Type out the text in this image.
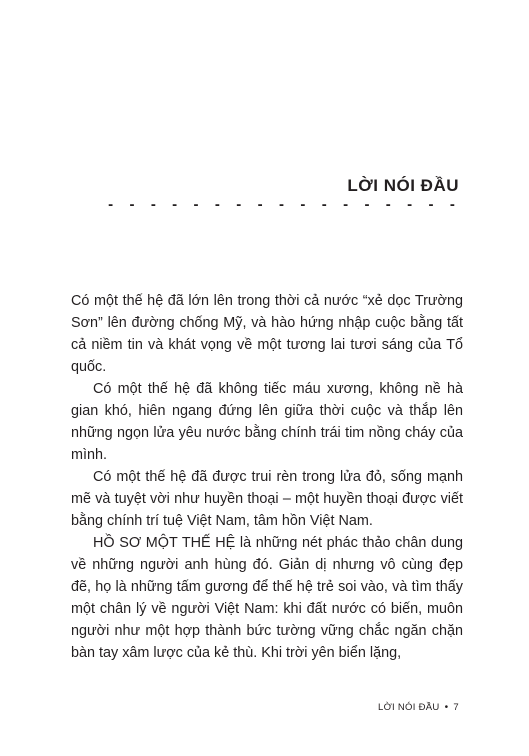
LỜI NÓI ĐẦU
- - - - - - - - - - - - - - - - -

Có một thế hệ đã lớn lên trong thời cả nước “xẻ dọc Trường Sơn” lên đường chống Mỹ, và hào hứng nhập cuộc bằng tất cả niềm tin và khát vọng về một tương lai tươi sáng của Tổ quốc.

Có một thế hệ đã không tiếc máu xương, không nề hà gian khó, hiên ngang đứng lên giữa thời cuộc và thắp lên những ngọn lửa yêu nước bằng chính trái tim nồng cháy của mình.

Có một thế hệ đã được trui rèn trong lửa đỏ, sống mạnh mẽ và tuyệt vời như huyền thoại – một huyền thoại được viết bằng chính trí tuệ Việt Nam, tâm hồn Việt Nam.

HỒ SƠ MỘT THẾ HỆ là những nét phác thảo chân dung về những người anh hùng đó. Giản dị nhưng vô cùng đẹp đẽ, họ là những tấm gương để thế hệ trẻ soi vào, và tìm thấy một chân lý về người Việt Nam: khi đất nước có biến, muôn người như một hợp thành bức tường vững chắc ngăn chặn bàn tay xâm lược của kẻ thù. Khi trời yên biển lặng,

LỜI NÓI ĐẦU • 7
